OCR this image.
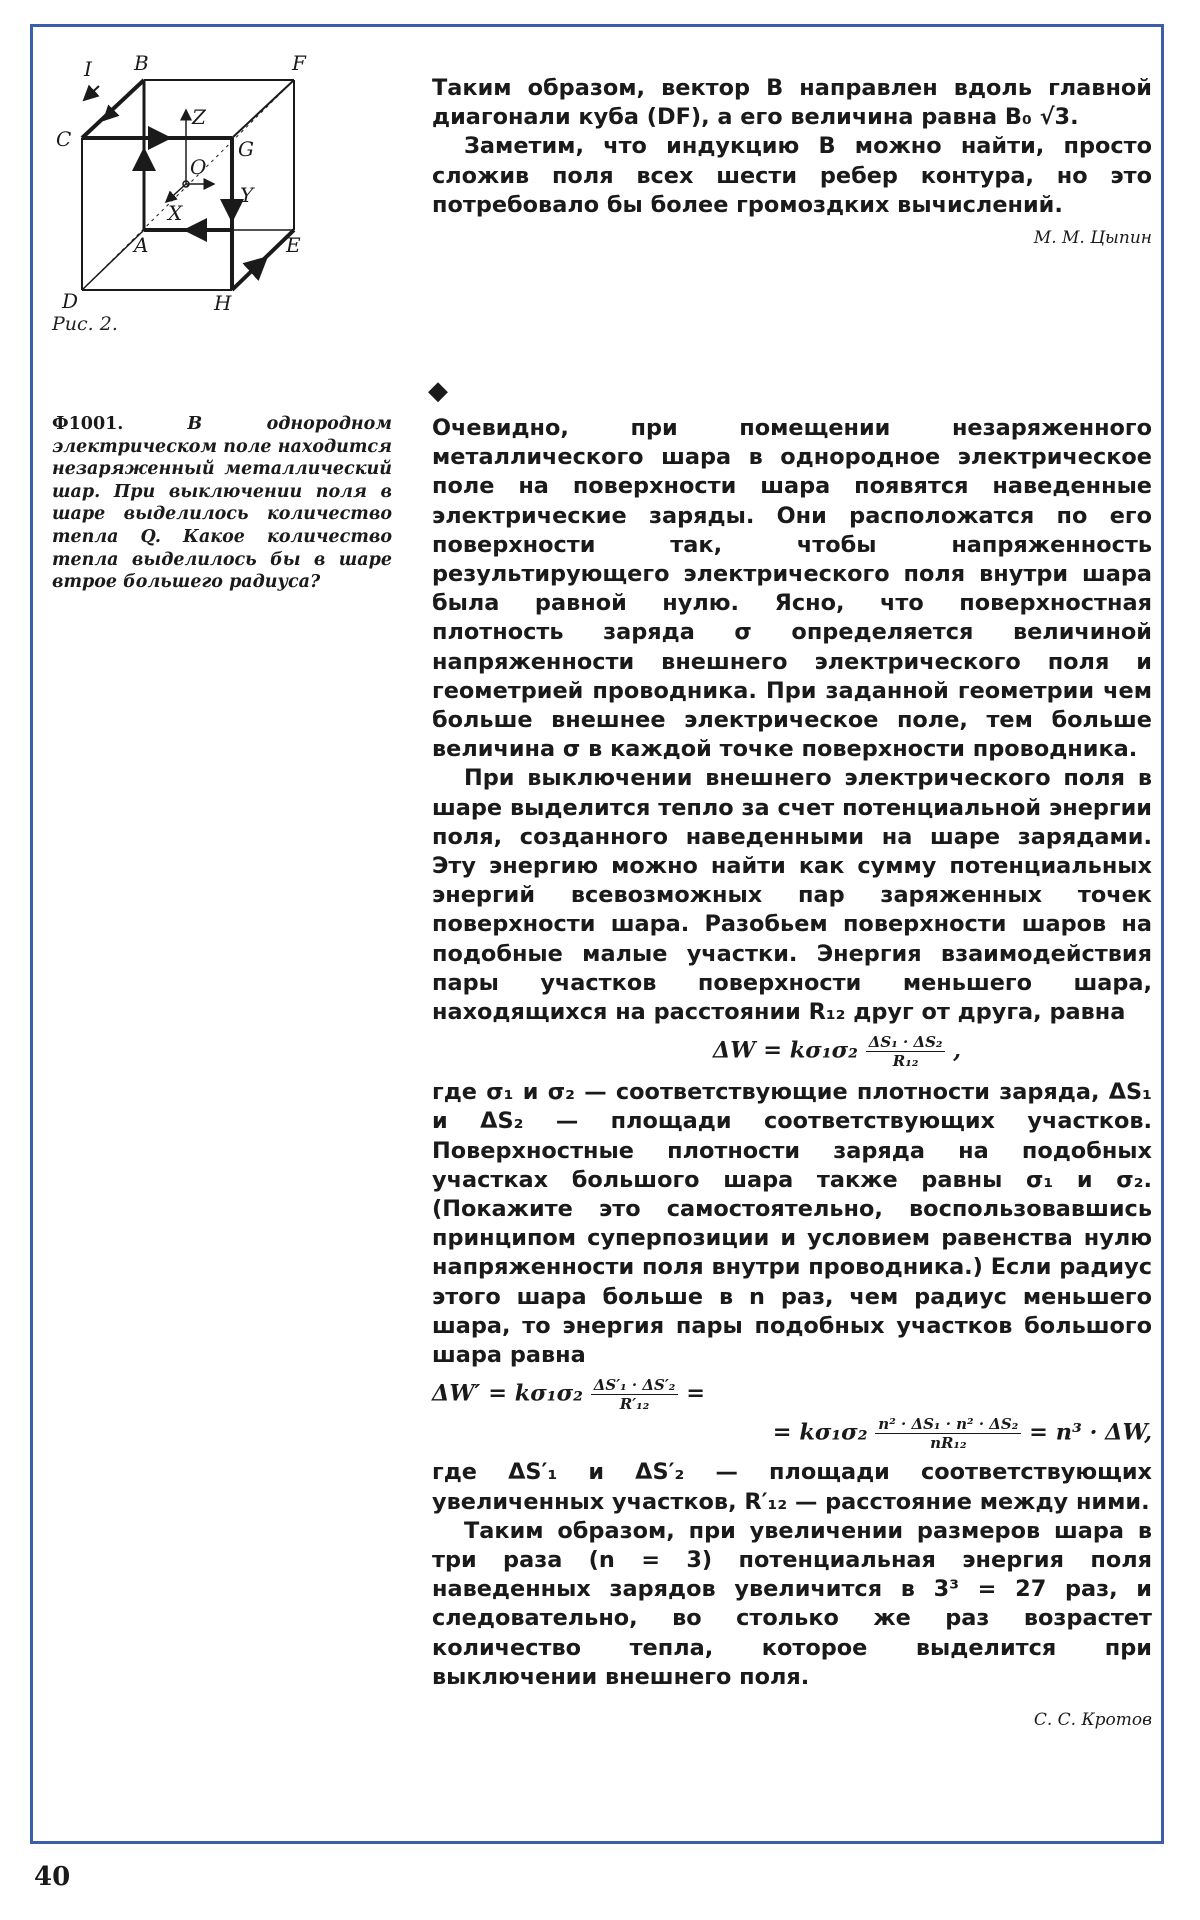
I B	F
C	G
Z
O
Y
X
A	E
D	H
Рис. 2.

Таким образом, вектор B направлен вдоль главной диагонали куба (DF), а его величина равна B₀ √3.

Заметим, что индукцию B можно найти, просто сложив поля всех шести ребер контура, но это потребовало бы более громоздких вычислений.

М. М. Цыпин

Ф1001.	В однородном электрическом поле находится незаряженный металлический шар. При выключении поля в шаре выделилось количество тепла Q. Какое количество тепла выделилось бы в шаре втрое большего радиуса?
◆

Очевидно, при помещении незаряженного металлического шара в однородное электрическое поле на поверхности шара появятся наведенные электрические заряды. Они расположатся по его поверхности так, чтобы напряженность результирующего электрического поля внутри шара была равной нулю. Ясно, что поверхностная плотность заряда σ определяется величиной напряженности внешнего электрического поля и геометрией проводника. При заданной геометрии чем больше внешнее электрическое поле, тем больше величина σ в каждой точке поверхности проводника.

При выключении внешнего электрического поля в шаре выделится тепло за счет потенциальной энергии поля, созданного наведенными на шаре зарядами. Эту энергию можно найти как сумму потенциальных энергий всевозможных пар заряженных точек поверхности шара. Разобьем поверхности шаров на подобные малые участки. Энергия взаимодействия пары участков поверхности меньшего шара, находящихся на расстоянии R₁₂ друг от друга, равна

$\Delta W = k\sigma_1\sigma_2 \frac{\text{ΔS₁ · ΔS₂}}{\text{R₁₂}}$ ,

где σ₁ и σ₂ — соответствующие плотности заряда, ΔS₁ и ΔS₂ — площади соответствующих участков. Поверхностные плотности заряда на подобных участках большого шара также равны σ₁ и σ₂. (Покажите это самостоятельно, воспользовавшись принципом суперпозиции и условием равенства нулю напряженности поля внутри проводника.) Если радиус этого шара больше в n раз, чем радиус меньшего шара, то энергия пары подобных участков большого шара равна

$\Delta W' = k\sigma_1\sigma_2 \frac{\text{ΔS′₁ · ΔS′₂}}{\text{R′₁₂}}$ =
= $k\sigma_1\sigma_2 \frac{\text{n² · ΔS₁ · n² · ΔS₂}}{\text{nR₁₂}} = n^3 \cdot \Delta W$,

где ΔS′₁ и ΔS′₂ — площади соответствующих увеличенных участков, R′₁₂ — расстояние между ними.

Таким образом, при увеличении размеров шара в три раза (n = 3) потенциальная энергия поля наведенных зарядов увеличится в 3³ = 27 раз, и следовательно, во столько же раз возрастет количество тепла, которое выделится при выключении внешнего поля.

С. С. Кротов

40
